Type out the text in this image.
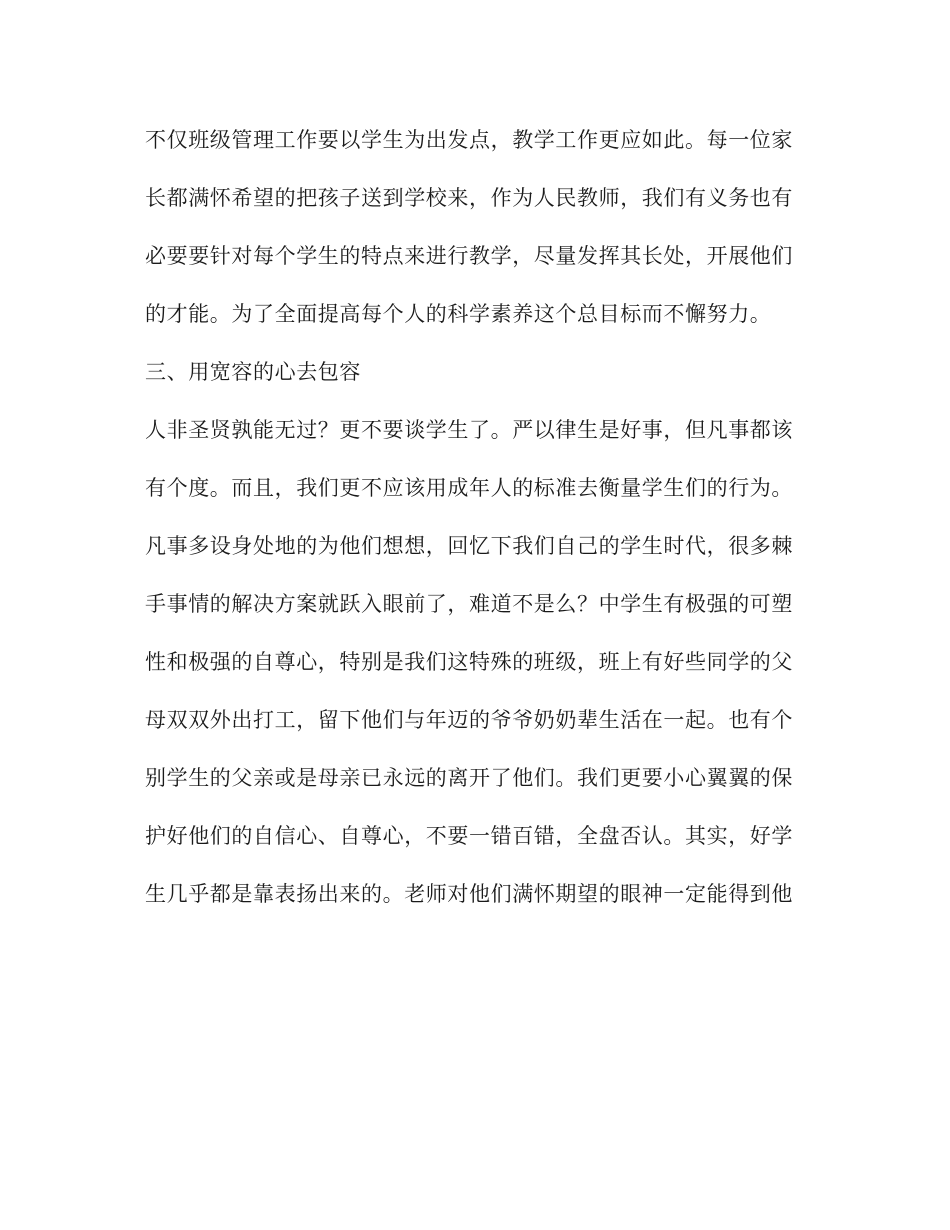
不仅班级管理工作要以学生为出发点，教学工作更应如此。每一位家
长都满怀希望的把孩子送到学校来，作为人民教师，我们有义务也有
必要要针对每个学生的特点来进行教学，尽量发挥其长处，开展他们
的才能。为了全面提高每个人的科学素养这个总目标而不懈努力。
三、用宽容的心去包容
人非圣贤孰能无过？更不要谈学生了。严以律生是好事，但凡事都该
有个度。而且，我们更不应该用成年人的标准去衡量学生们的行为。
凡事多设身处地的为他们想想，回忆下我们自己的学生时代，很多棘
手事情的解决方案就跃入眼前了，难道不是么？中学生有极强的可塑
性和极强的自尊心，特别是我们这特殊的班级，班上有好些同学的父
母双双外出打工，留下他们与年迈的爷爷奶奶辈生活在一起。也有个
别学生的父亲或是母亲已永远的离开了他们。我们更要小心翼翼的保
护好他们的自信心、自尊心，不要一错百错，全盘否认。其实，好学
生几乎都是靠表扬出来的。老师对他们满怀期望的眼神一定能得到他
